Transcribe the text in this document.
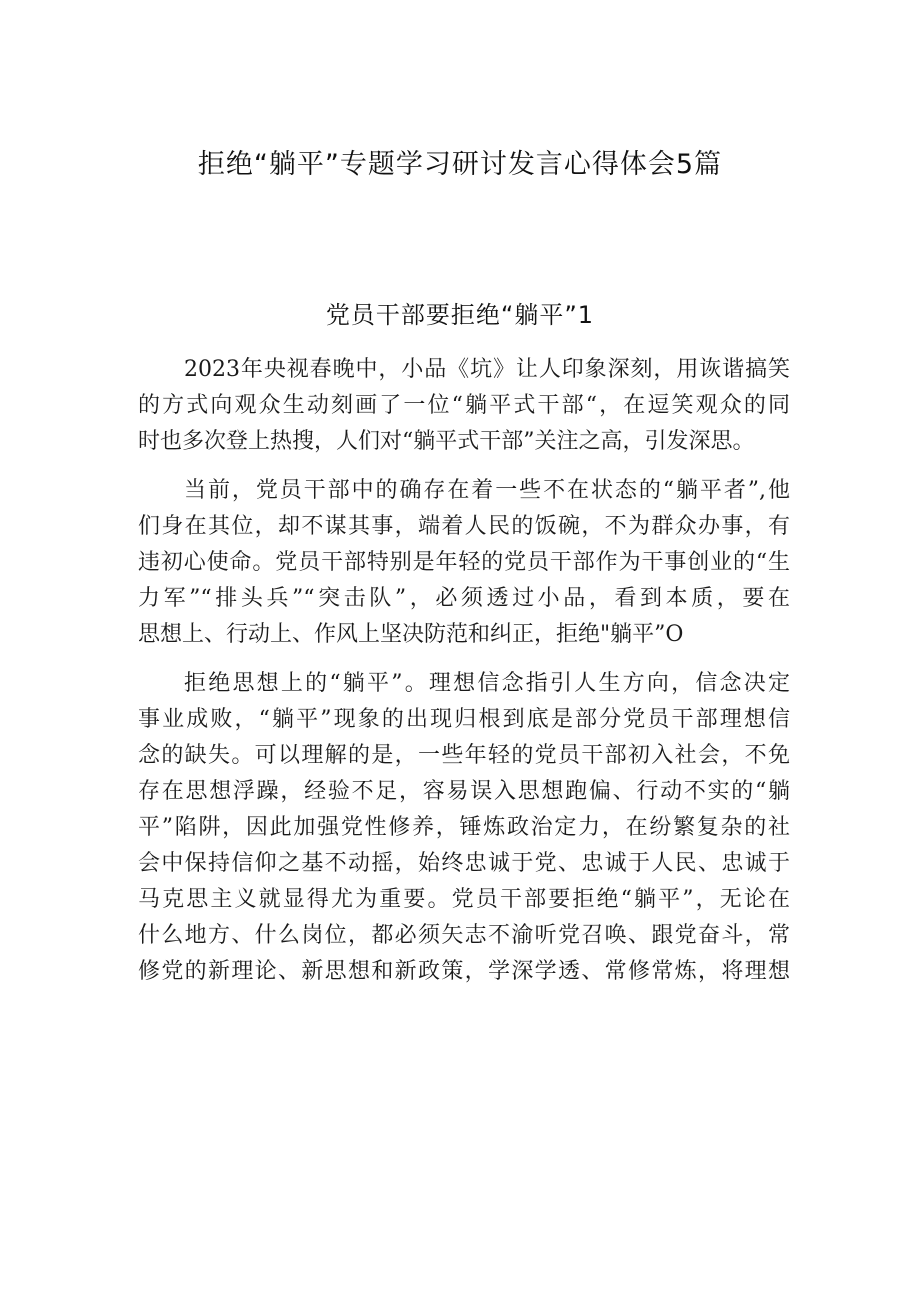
拒绝“躺平”专题学习研讨发言心得体会5篇
党员干部要拒绝“躺平”1
2023年央视春晚中，小品《坑》让人印象深刻，用诙谐搞笑
的方式向观众生动刻画了一位“躺平式干部“，在逗笑观众的同
时也多次登上热搜，人们对“躺平式干部”关注之高，引发深思。
当前，党员干部中的确存在着一些不在状态的“躺平者”,他
们身在其位，却不谋其事，端着人民的饭碗，不为群众办事，有
违初心使命。党员干部特别是年轻的党员干部作为干事创业的“生
力军”“排头兵”“突击队”，必须透过小品，看到本质，要在
思想上、行动上、作风上坚决防范和纠正，拒绝"躺平”O
拒绝思想上的“躺平”。理想信念指引人生方向，信念决定
事业成败，“躺平”现象的出现归根到底是部分党员干部理想信
念的缺失。可以理解的是，一些年轻的党员干部初入社会，不免
存在思想浮躁，经验不足，容易误入思想跑偏、行动不实的“躺
平”陷阱，因此加强党性修养，锤炼政治定力，在纷繁复杂的社
会中保持信仰之基不动摇，始终忠诚于党、忠诚于人民、忠诚于
马克思主义就显得尤为重要。党员干部要拒绝“躺平”，无论在
什么地方、什么岗位，都必须矢志不渝听党召唤、跟党奋斗，常
修党的新理论、新思想和新政策，学深学透、常修常炼，将理想
